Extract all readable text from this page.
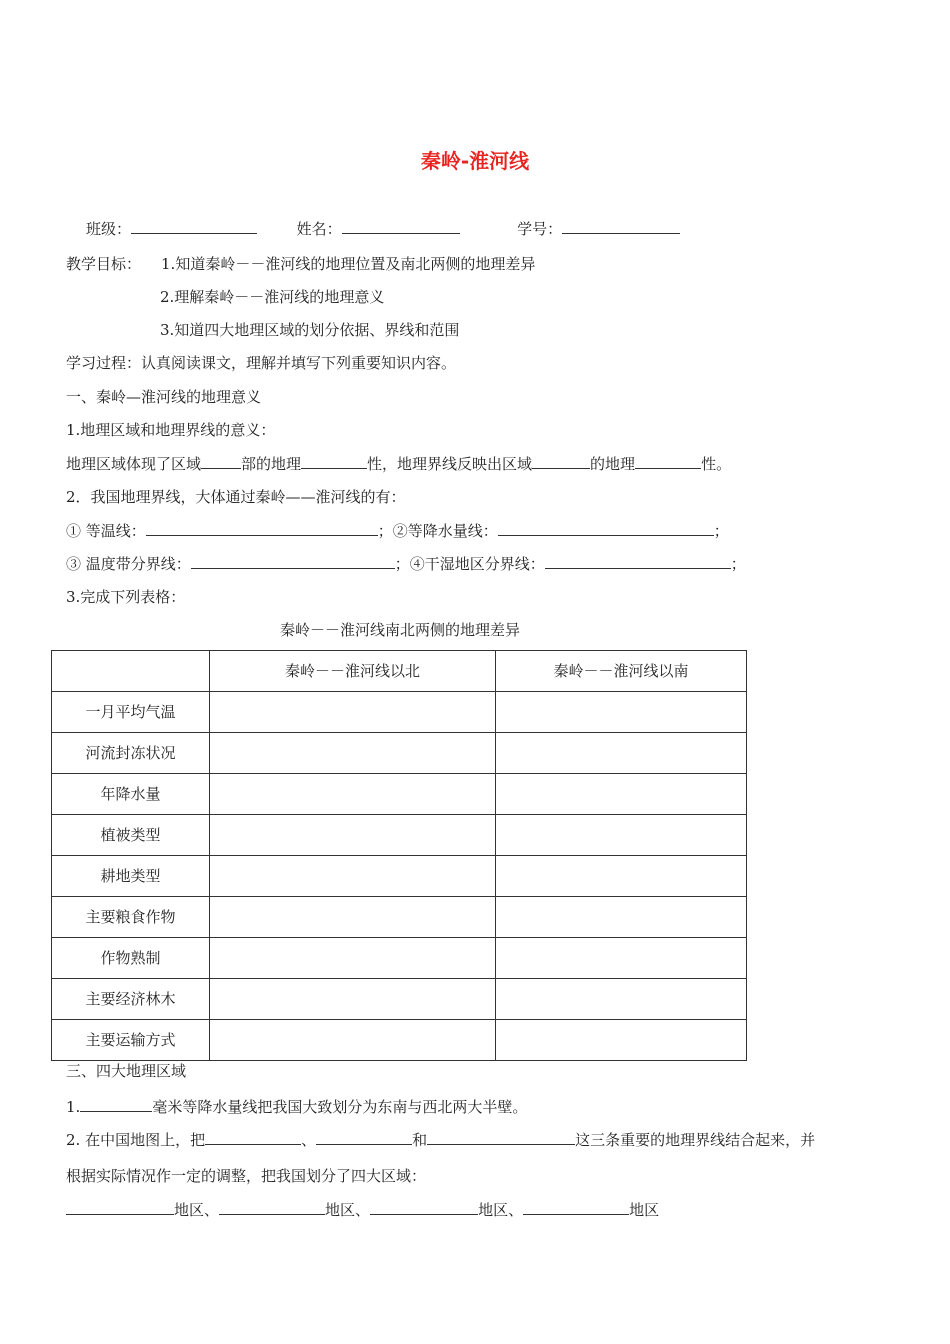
秦岭-淮河线
班级：	姓名：	学号：
教学目标： 1.知道秦岭－－淮河线的地理位置及南北两侧的地理差异
2.理解秦岭－－淮河线的地理意义
3.知道四大地理区域的划分依据、界线和范围
学习过程：认真阅读课文，理解并填写下列重要知识内容。
一、秦岭—淮河线的地理意义
1.地理区域和地理界线的意义：
地理区域体现了区域	部的地理	性，地理界线反映出区域	的地理	性。
2．我国地理界线，大体通过秦岭——淮河线的有：
① 等温线：	；②等降水量线：	；
③ 温度带分界线：	；④干湿地区分界线：	；
3.完成下列表格：
秦岭－－淮河线南北两侧的地理差异
	秦岭－－淮河线以北	秦岭－－淮河线以南
一月平均气温		
河流封冻状况		
年降水量		
植被类型		
耕地类型		
主要粮食作物		
作物熟制		
主要经济林木		
主要运输方式		
三、四大地理区域
1.	毫米等降水量线把我国大致划分为东南与西北两大半壁。
2. 在中国地图上，把	、	和	这三条重要的地理界线结合起来，并
根据实际情况作一定的调整，把我国划分了四大区域：
地区、	地区、	地区、	地区
